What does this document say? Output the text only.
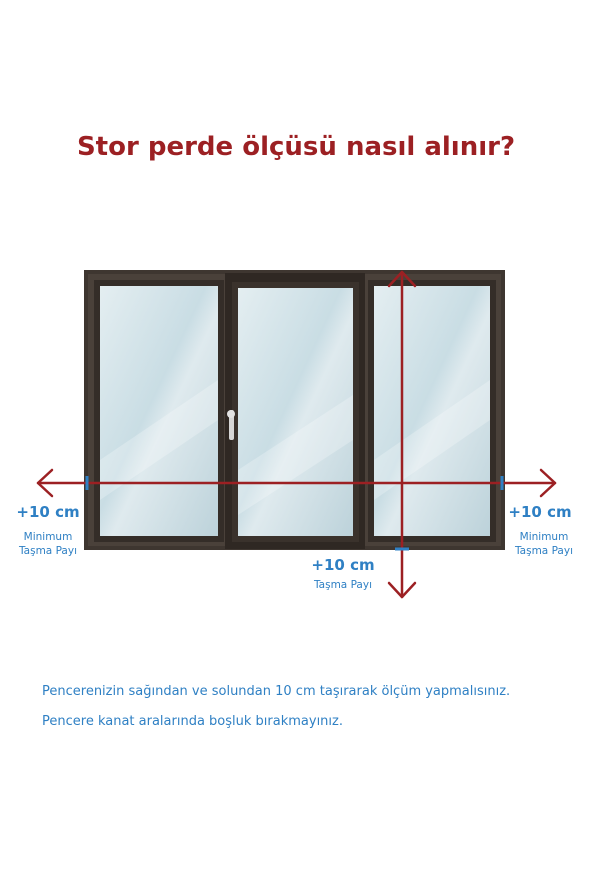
Stor perde ölçüsü nasıl alınır?
+10 cm
Minimum
Taşma Payı
+10 cm
Minimum
Taşma Payı
+10 cm
Taşma Payı
Pencerenizin sağından ve solundan 10 cm taşırarak ölçüm yapmalısınız.
Pencere kanat aralarında boşluk bırakmayınız.
